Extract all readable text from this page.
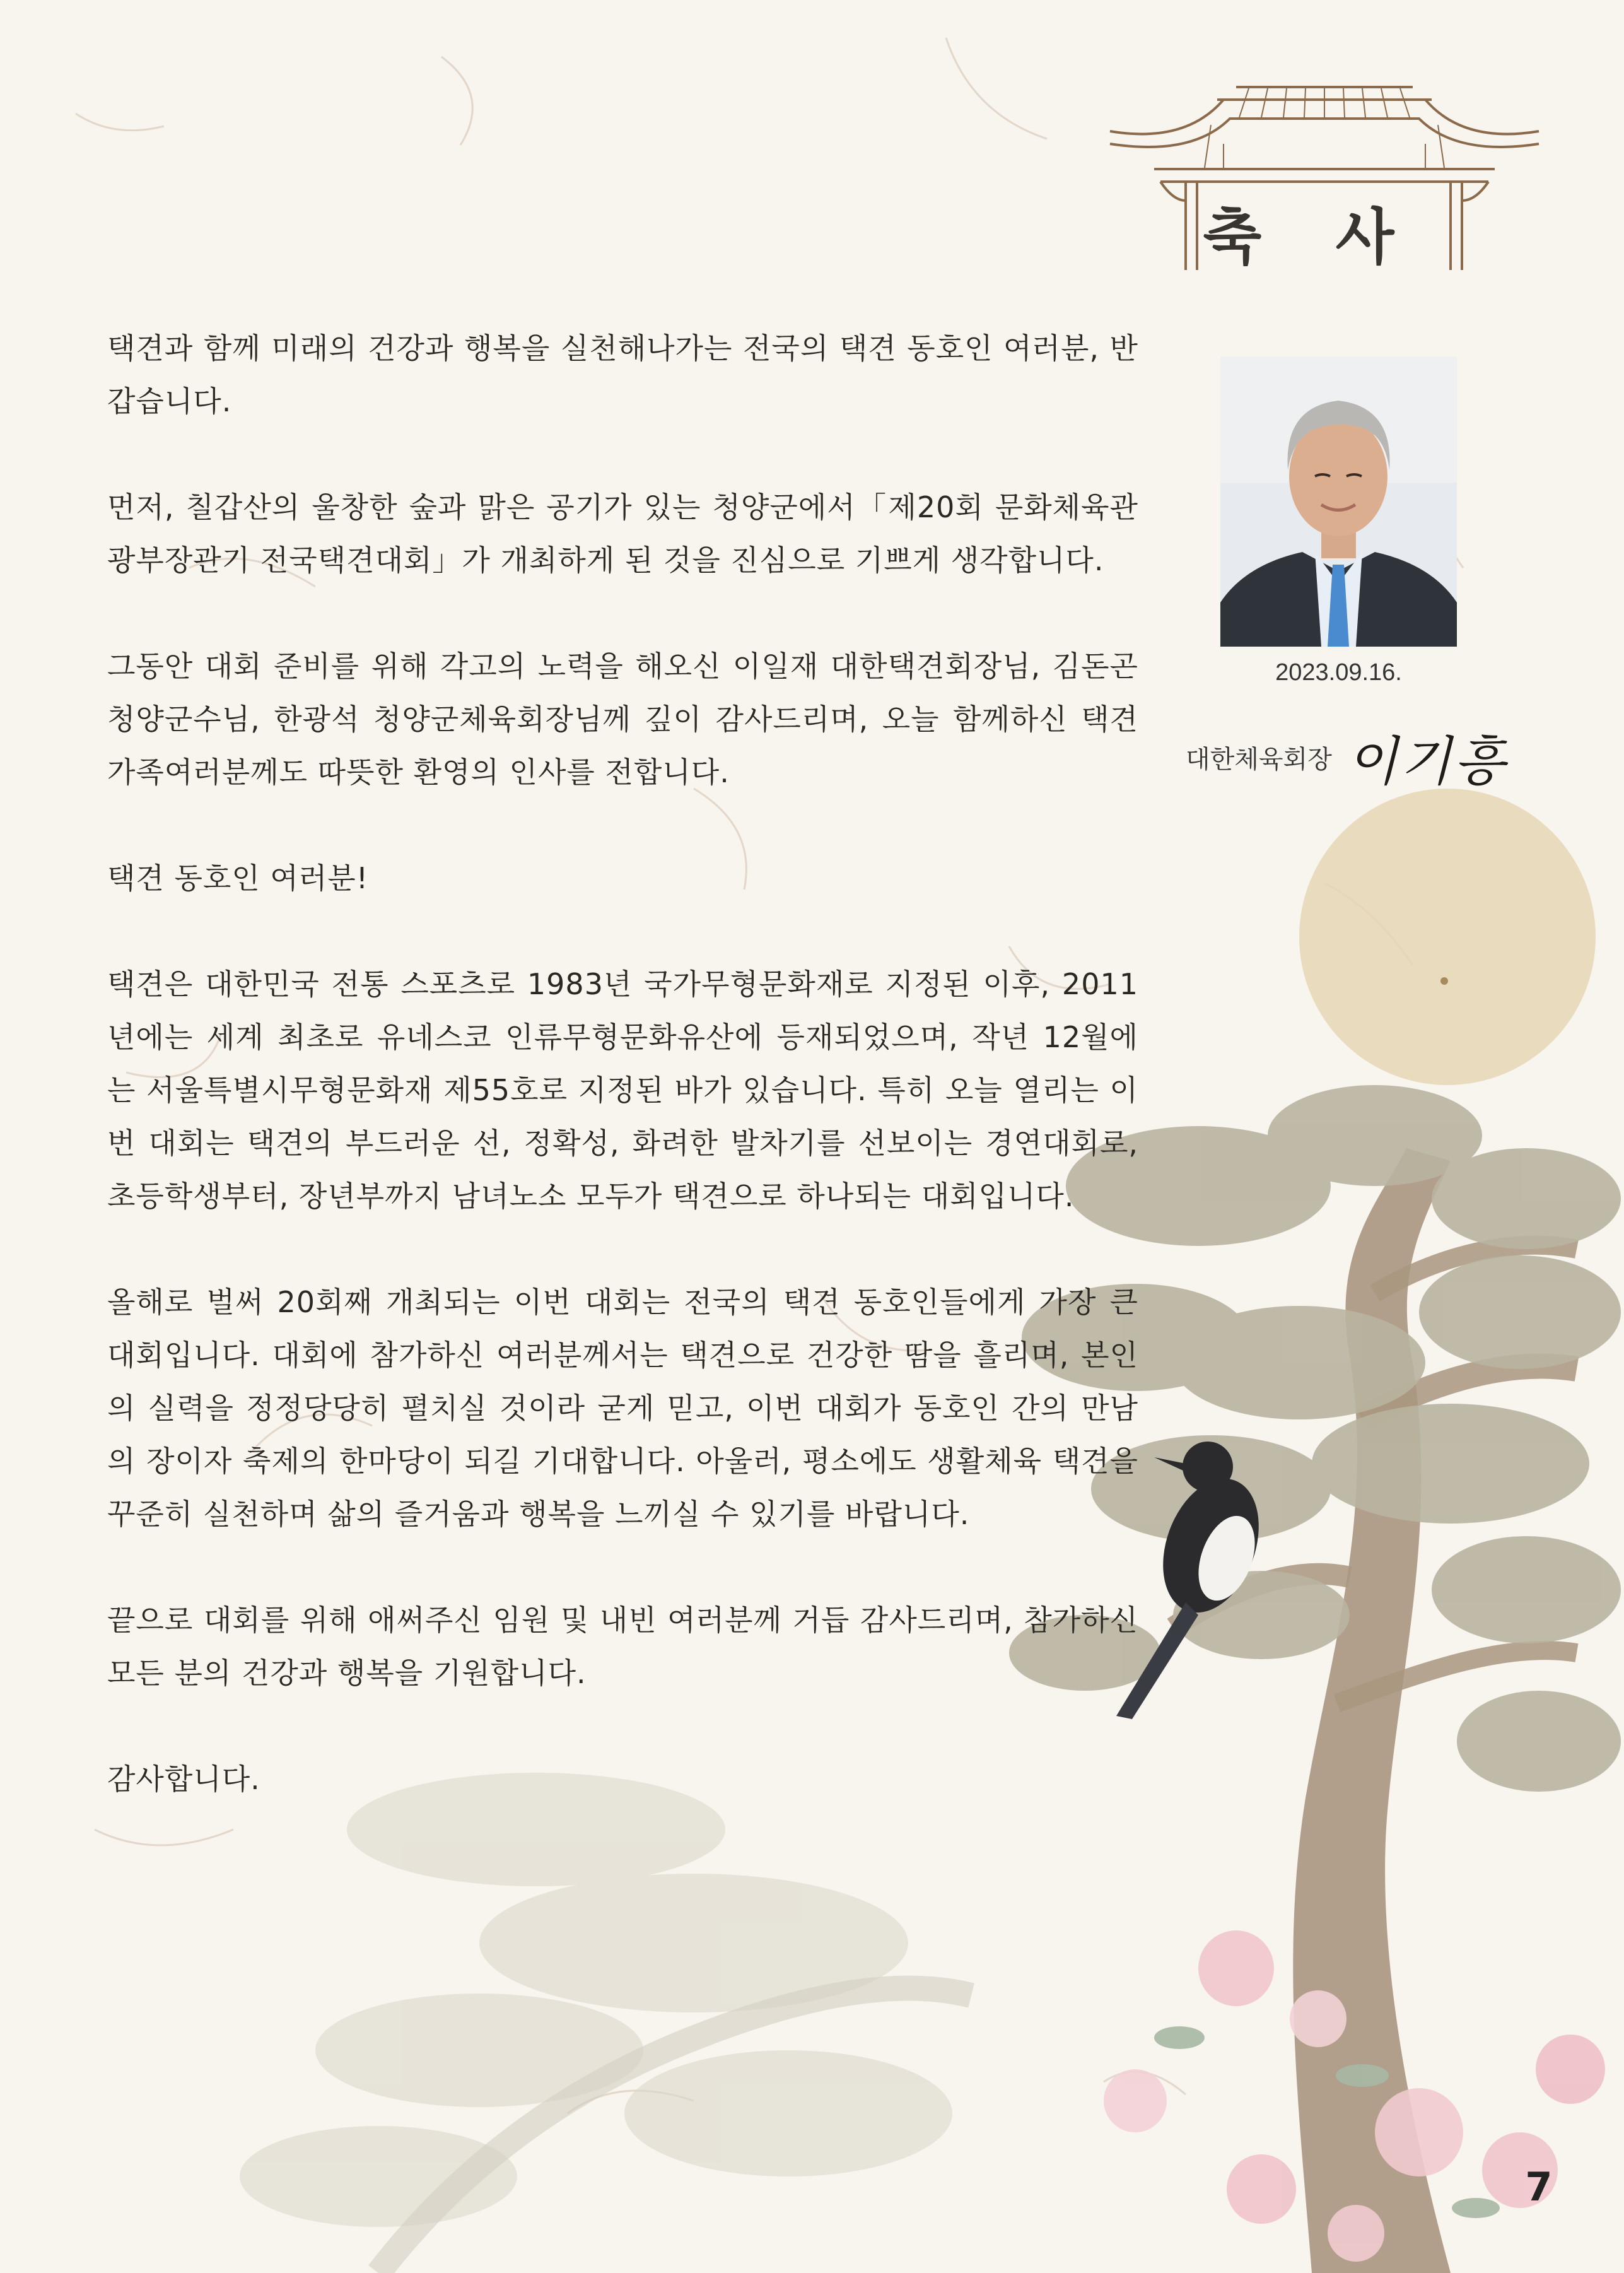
축 사

택견과 함께 미래의 건강과 행복을 실천해나가는 전국의 택견 동호인 여러분, 반갑습니다.

먼저, 칠갑산의 울창한 숲과 맑은 공기가 있는 청양군에서「제20회 문화체육관광부장관기 전국택견대회」가 개최하게 된 것을 진심으로 기쁘게 생각합니다.

그동안 대회 준비를 위해 각고의 노력을 해오신 이일재 대한택견회장님, 김돈곤 청양군수님, 한광석 청양군체육회장님께 깊이 감사드리며, 오늘 함께하신 택견 가족여러분께도 따뜻한 환영의 인사를 전합니다.

택견 동호인 여러분!

택견은 대한민국 전통 스포츠로 1983년 국가무형문화재로 지정된 이후, 2011년에는 세계 최초로 유네스코 인류무형문화유산에 등재되었으며, 작년 12월에는 서울특별시무형문화재 제55호로 지정된 바가 있습니다. 특히 오늘 열리는 이번 대회는 택견의 부드러운 선, 정확성, 화려한 발차기를 선보이는 경연대회로, 초등학생부터, 장년부까지 남녀노소 모두가 택견으로 하나되는 대회입니다.

올해로 벌써 20회째 개최되는 이번 대회는 전국의 택견 동호인들에게 가장 큰 대회입니다. 대회에 참가하신 여러분께서는 택견으로 건강한 땀을 흘리며, 본인의 실력을 정정당당히 펼치실 것이라 굳게 믿고, 이번 대회가 동호인 간의 만남의 장이자 축제의 한마당이 되길 기대합니다. 아울러, 평소에도 생활체육 택견을 꾸준히 실천하며 삶의 즐거움과 행복을 느끼실 수 있기를 바랍니다.

끝으로 대회를 위해 애써주신 임원 및 내빈 여러분께 거듭 감사드리며, 참가하신 모든 분의 건강과 행복을 기원합니다.

감사합니다.

2023.09.16.
대한체육회장 이기흥
7
